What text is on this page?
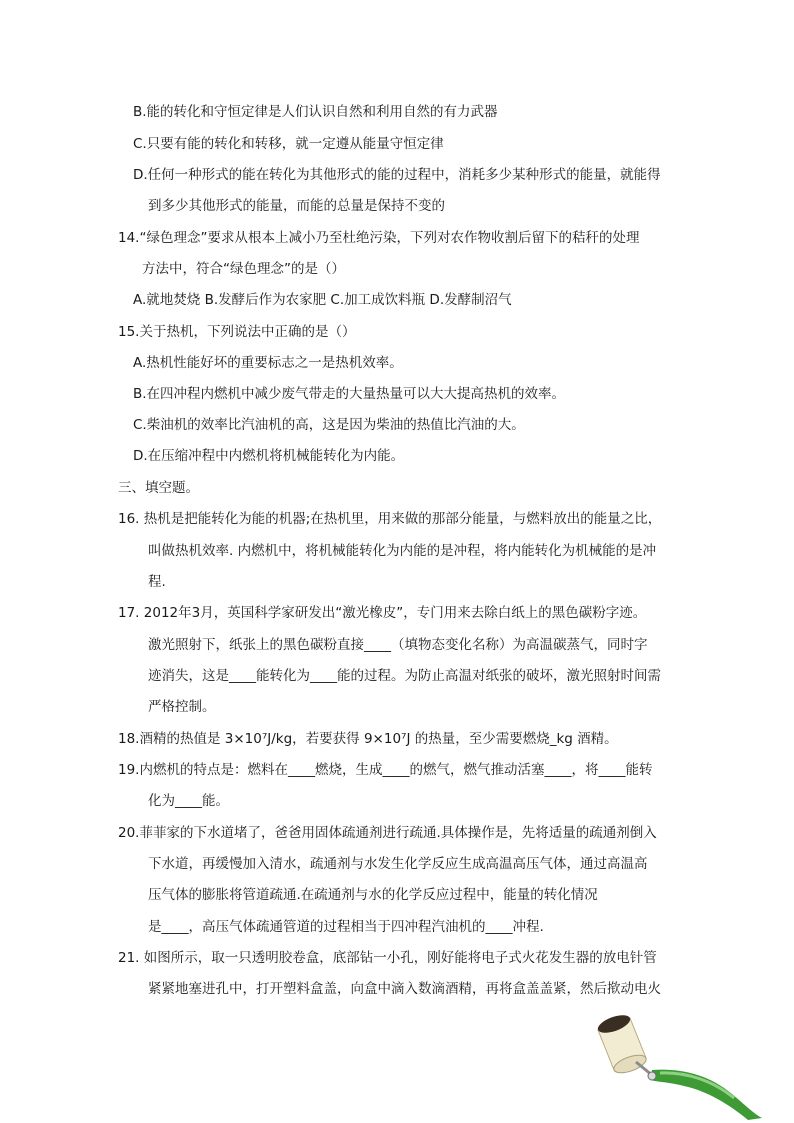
B.能的转化和守恒定律是人们认识自然和利用自然的有力武器
C.只要有能的转化和转移，就一定遵从能量守恒定律
D.任何一种形式的能在转化为其他形式的能的过程中，消耗多少某种形式的能量，就能得
到多少其他形式的能量，而能的总量是保持不变的
14.“绿色理念”要求从根本上减小乃至杜绝污染，下列对农作物收割后留下的秸秆的处理
方法中，符合“绿色理念”的是（）
A.就地焚烧 B.发酵后作为农家肥 C.加工成饮料瓶 D.发酵制沼气
15.关于热机，下列说法中正确的是（）
A.热机性能好坏的重要标志之一是热机效率。
B.在四冲程内燃机中减少废气带走的大量热量可以大大提高热机的效率。
C.柴油机的效率比汽油机的高，这是因为柴油的热值比汽油的大。
D.在压缩冲程中内燃机将机械能转化为内能。
三、填空题。
16. 热机是把能转化为能的机器;在热机里，用来做的那部分能量，与燃料放出的能量之比，
叫做热机效率. 内燃机中，将机械能转化为内能的是冲程，将内能转化为机械能的是冲
程.
17. 2012年3月，英国科学家研发出“激光橡皮”，专门用来去除白纸上的黑色碳粉字迹。
激光照射下，纸张上的黑色碳粉直接____（填物态变化名称）为高温碳蒸气，同时字
迹消失，这是____能转化为____能的过程。为防止高温对纸张的破坏，激光照射时间需
严格控制。
18.酒精的热值是 3×10⁷J/kg，若要获得 9×10⁷J 的热量，至少需要燃烧_kg 酒精。
19.内燃机的特点是：燃料在____燃烧，生成____的燃气，燃气推动活塞____，将____能转
化为____能。
20.菲菲家的下水道堵了，爸爸用固体疏通剂进行疏通.具体操作是，先将适量的疏通剂倒入
下水道，再缓慢加入清水，疏通剂与水发生化学反应生成高温高压气体，通过高温高
压气体的膨胀将管道疏通.在疏通剂与水的化学反应过程中，能量的转化情况
是____，高压气体疏通管道的过程相当于四冲程汽油机的____冲程.
21. 如图所示，取一只透明胶卷盒，底部钻一小孔，刚好能将电子式火花发生器的放电针管
紧紧地塞进孔中，打开塑料盒盖，向盒中滴入数滴酒精，再将盒盖盖紧，然后揿动电火
